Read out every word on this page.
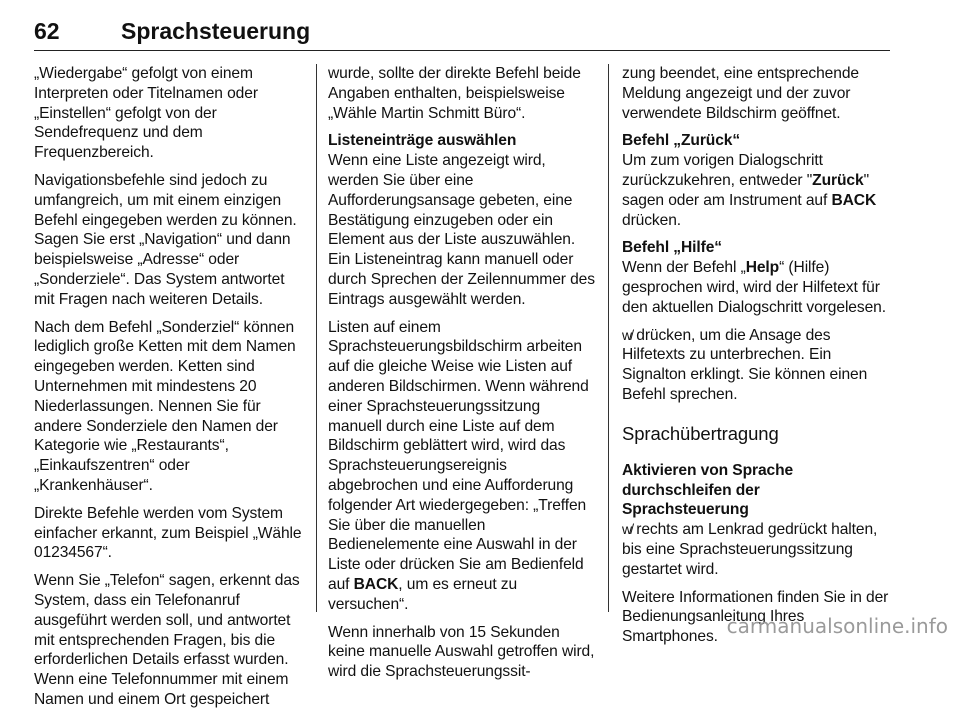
62	Sprachsteuerung

„Wiedergabe“ gefolgt von einem Interpreten oder Titelnamen oder „Einstellen“ gefolgt von der Sendefrequenz und dem Frequenzbereich.

Navigationsbefehle sind jedoch zu umfangreich, um mit einem einzigen Befehl eingegeben werden zu können. Sagen Sie erst „Navigation“ und dann beispielsweise „Adresse“ oder „Sonderziele“. Das System antwortet mit Fragen nach weiteren Details.

Nach dem Befehl „Sonderziel“ können lediglich große Ketten mit dem Namen eingegeben werden. Ketten sind Unternehmen mit mindestens 20 Niederlassungen. Nennen Sie für andere Sonderziele den Namen der Kategorie wie „Restaurants“, „Einkaufszentren“ oder „Krankenhäuser“.

Direkte Befehle werden vom System einfacher erkannt, zum Beispiel „Wähle 01234567“.

Wenn Sie „Telefon“ sagen, erkennt das System, dass ein Telefonanruf ausgeführt werden soll, und antwortet mit entsprechenden Fragen, bis die erforderlichen Details erfasst wurden. Wenn eine Telefonnummer mit einem Namen und einem Ort gespeichert

wurde, sollte der direkte Befehl beide Angaben enthalten, beispielsweise „Wähle Martin Schmitt Büro“.

Listeneinträge auswählen

Wenn eine Liste angezeigt wird, werden Sie über eine Aufforderungsansage gebeten, eine Bestätigung einzugeben oder ein Element aus der Liste auszuwählen. Ein Listeneintrag kann manuell oder durch Sprechen der Zeilennummer des Eintrags ausgewählt werden.

Listen auf einem Sprachsteuerungsbildschirm arbeiten auf die gleiche Weise wie Listen auf anderen Bildschirmen. Wenn während einer Sprachsteuerungssitzung manuell durch eine Liste auf dem Bildschirm geblättert wird, wird das Sprachsteuerungsereignis abgebrochen und eine Aufforderung folgender Art wiedergegeben: „Treffen Sie über die manuellen Bedienelemente eine Auswahl in der Liste oder drücken Sie am Bedienfeld auf BACK, um es erneut zu versuchen“.

Wenn innerhalb von 15 Sekunden keine manuelle Auswahl getroffen wird, wird die Sprachsteuerungssit-

zung beendet, eine entsprechende Meldung angezeigt und der zuvor verwendete Bildschirm geöffnet.

Befehl „Zurück“

Um zum vorigen Dialogschritt zurückzukehren, entweder "Zurück" sagen oder am Instrument auf BACK drücken.

Befehl „Hilfe“

Wenn der Befehl „Help“ (Hilfe) gesprochen wird, wird der Hilfetext für den aktuellen Dialogschritt vorgelesen.

w̸ drücken, um die Ansage des Hilfetexts zu unterbrechen. Ein Signalton erklingt. Sie können einen Befehl sprechen.

Sprachübertragung
Aktivieren von Sprache
durchschleifen der Sprachsteuerung

w̸ rechts am Lenkrad gedrückt halten, bis eine Sprachsteuerungssitzung gestartet wird.

Weitere Informationen finden Sie in der Bedienungsanleitung Ihres Smartphones. carmanualsonline.info
